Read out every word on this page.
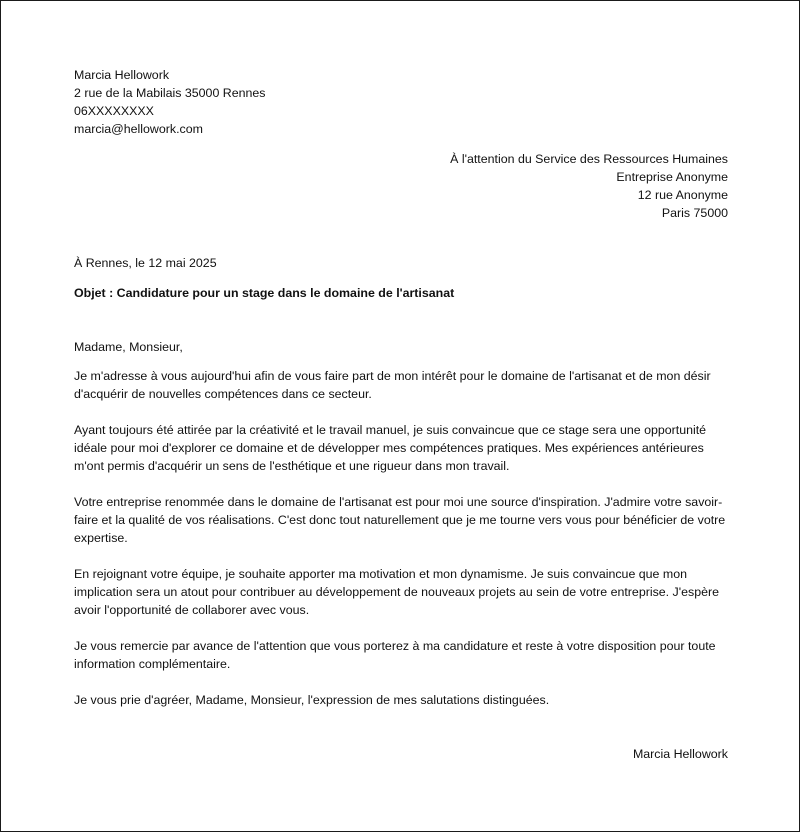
Marcia Hellowork
2 rue de la Mabilais 35000 Rennes
06XXXXXXXX
marcia@hellowork.com
À l'attention du Service des Ressources Humaines
Entreprise Anonyme
12 rue Anonyme
Paris 75000

À Rennes, le 12 mai 2025

Objet : Candidature pour un stage dans le domaine de l'artisanat

Madame, Monsieur,

Je m'adresse à vous aujourd'hui afin de vous faire part de mon intérêt pour le domaine de l'artisanat et de mon désir d'acquérir de nouvelles compétences dans ce secteur.

Ayant toujours été attirée par la créativité et le travail manuel, je suis convaincue que ce stage sera une opportunité idéale pour moi d'explorer ce domaine et de développer mes compétences pratiques. Mes expériences antérieures m'ont permis d'acquérir un sens de l'esthétique et une rigueur dans mon travail.

Votre entreprise renommée dans le domaine de l'artisanat est pour moi une source d'inspiration. J'admire votre savoir-faire et la qualité de vos réalisations. C'est donc tout naturellement que je me tourne vers vous pour bénéficier de votre expertise.

En rejoignant votre équipe, je souhaite apporter ma motivation et mon dynamisme. Je suis convaincue que mon implication sera un atout pour contribuer au développement de nouveaux projets au sein de votre entreprise. J'espère avoir l'opportunité de collaborer avec vous.

Je vous remercie par avance de l'attention que vous porterez à ma candidature et reste à votre disposition pour toute information complémentaire.

Je vous prie d'agréer, Madame, Monsieur, l'expression de mes salutations distinguées.

Marcia Hellowork
